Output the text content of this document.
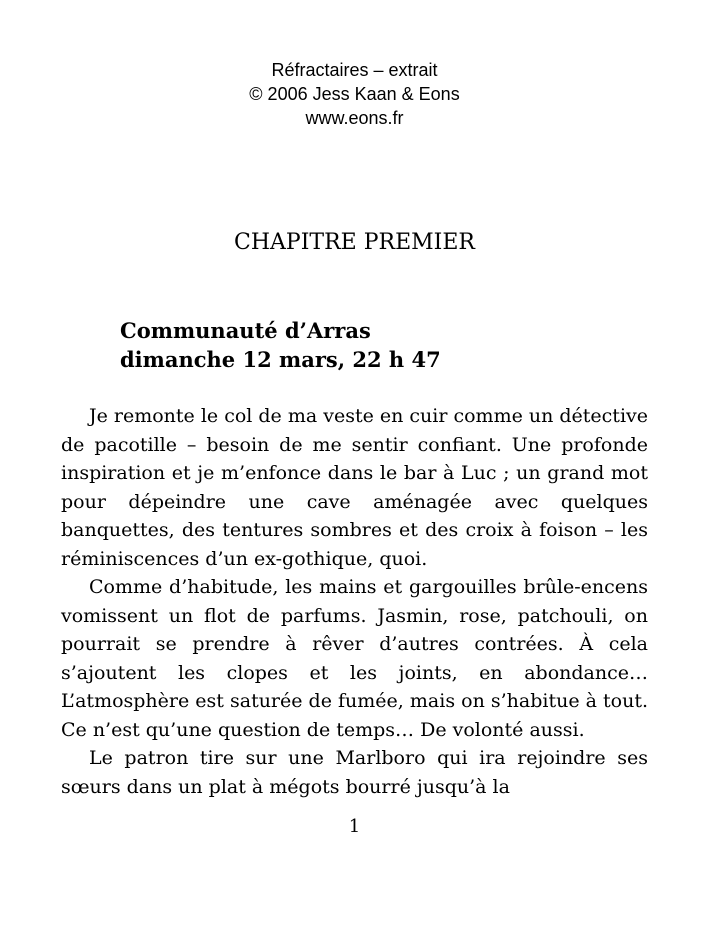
Réfractaires – extrait
© 2006 Jess Kaan & Eons
www.eons.fr
CHAPITRE PREMIER
Communauté d’Arras
dimanche 12 mars, 22 h 47

Je remonte le col de ma veste en cuir comme un détective de pacotille – besoin de me sentir confiant. Une profonde inspiration et je m’enfonce dans le bar à Luc ; un grand mot pour dépeindre une cave aménagée avec quelques banquettes, des tentures sombres et des croix à foison – les réminiscences d’un ex-gothique, quoi.

Comme d’habitude, les mains et gargouilles brûle-encens vomissent un flot de parfums. Jasmin, rose, patchouli, on pourrait se prendre à rêver d’autres contrées. À cela s’ajoutent les clopes et les joints, en abondance… L’atmosphère est saturée de fumée, mais on s’habitue à tout. Ce n’est qu’une question de temps… De volonté aussi.

Le patron tire sur une Marlboro qui ira rejoindre ses sœurs dans un plat à mégots bourré jusqu’à la

1
